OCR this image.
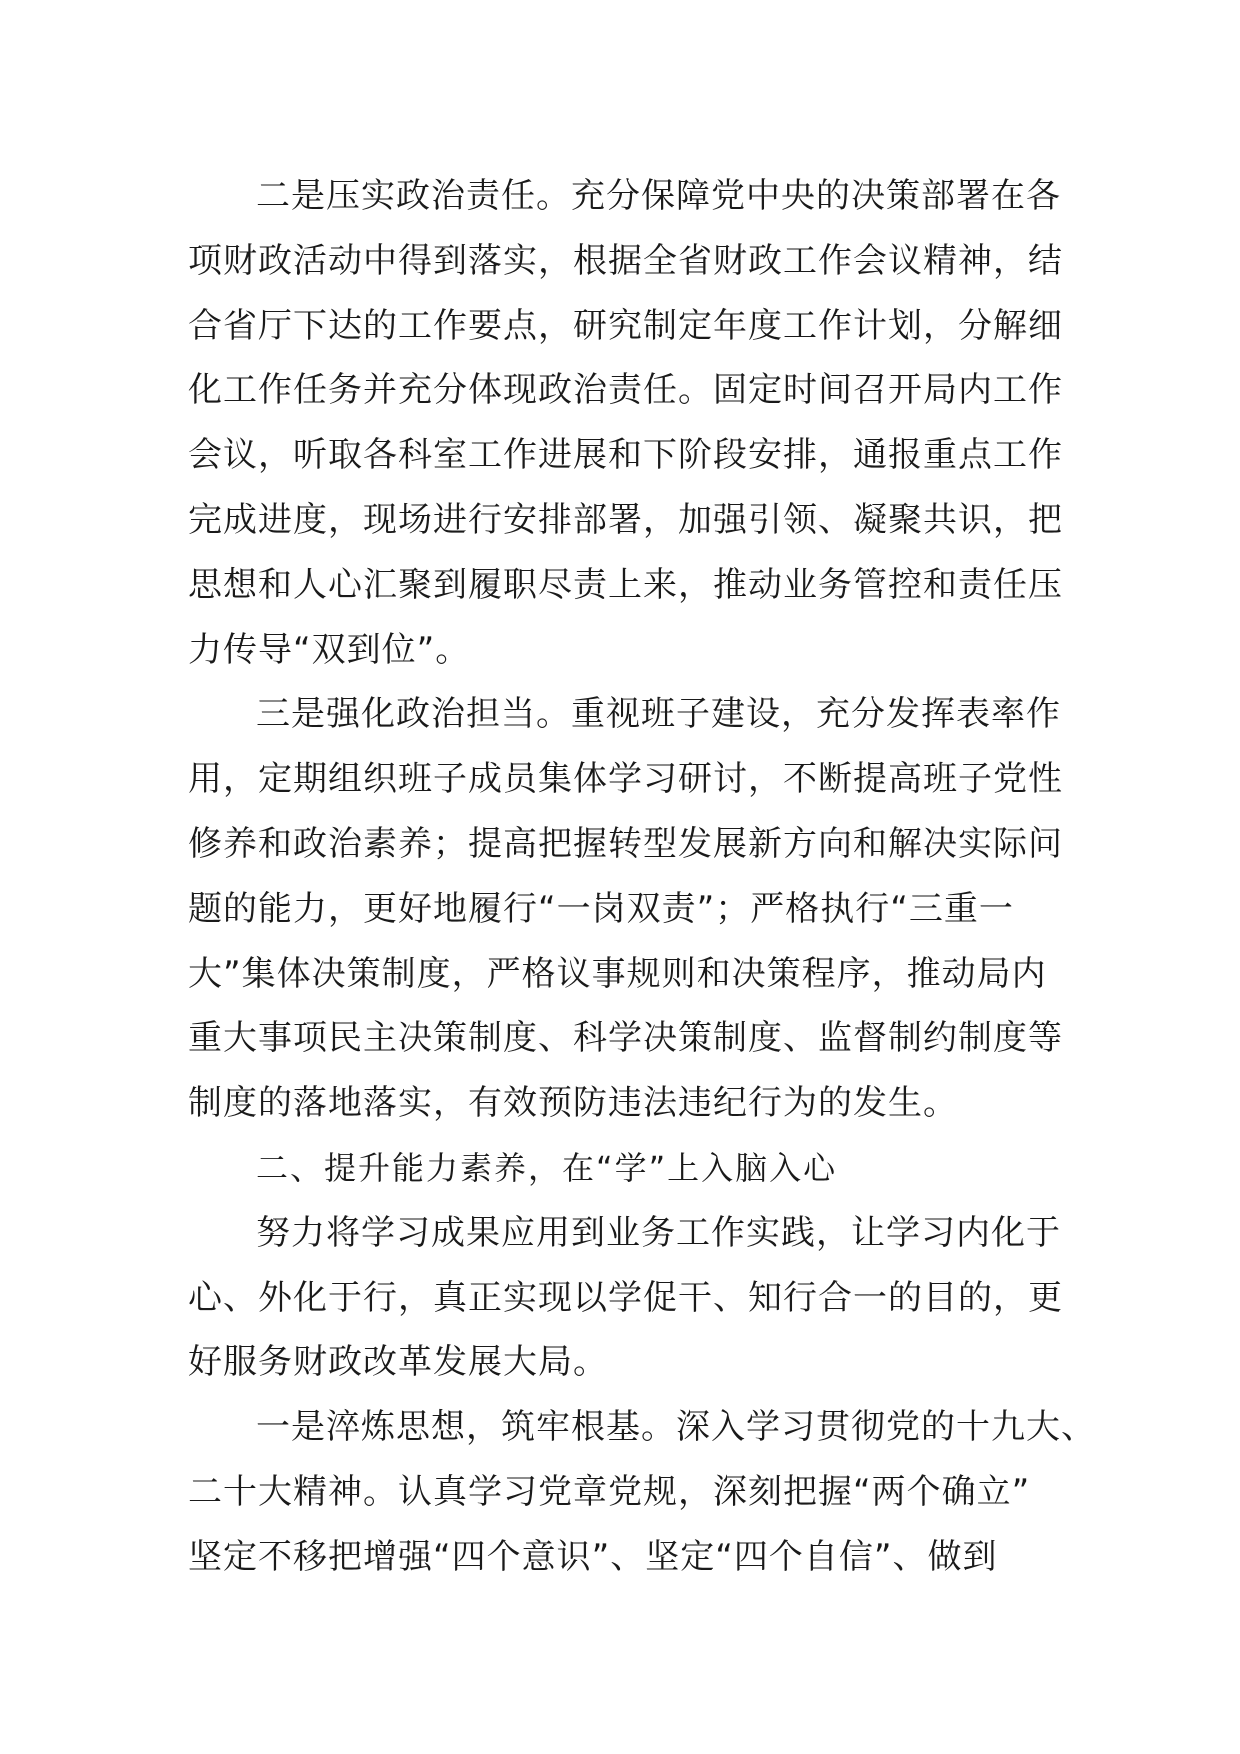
二是压实政治责任。充分保障党中央的决策部署在各
项财政活动中得到落实，根据全省财政工作会议精神，结
合省厅下达的工作要点，研究制定年度工作计划，分解细
化工作任务并充分体现政治责任。固定时间召开局内工作
会议，听取各科室工作进展和下阶段安排，通报重点工作
完成进度，现场进行安排部署，加强引领、凝聚共识，把
思想和人心汇聚到履职尽责上来，推动业务管控和责任压
力传导“双到位”。
三是强化政治担当。重视班子建设，充分发挥表率作
用，定期组织班子成员集体学习研讨，不断提高班子党性
修养和政治素养；提高把握转型发展新方向和解决实际问
题的能力，更好地履行“一岗双责”；严格执行“三重一
大”集体决策制度，严格议事规则和决策程序，推动局内
重大事项民主决策制度、科学决策制度、监督制约制度等
制度的落地落实，有效预防违法违纪行为的发生。
二、提升能力素养，在“学”上入脑入心
努力将学习成果应用到业务工作实践，让学习内化于
心、外化于行，真正实现以学促干、知行合一的目的，更
好服务财政改革发展大局。
一是淬炼思想，筑牢根基。深入学习贯彻党的十九大、
二十大精神。认真学习党章党规，深刻把握“两个确立”
坚定不移把增强“四个意识”、坚定“四个自信”、做到
